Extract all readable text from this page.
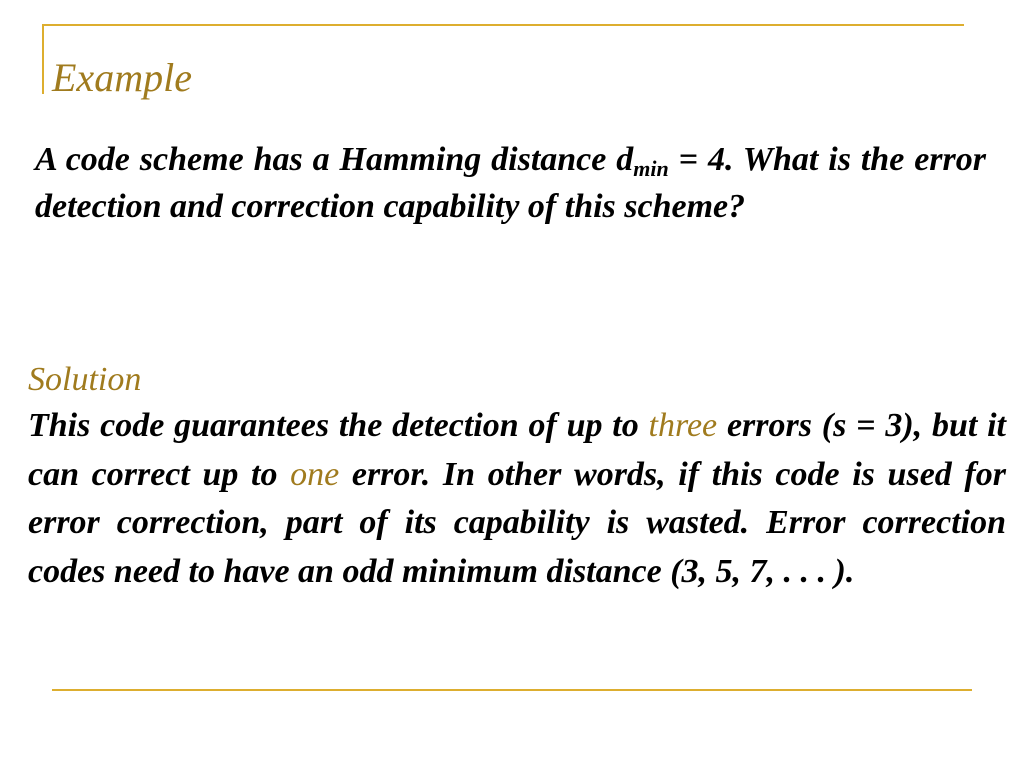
Example

A code scheme has a Hamming distance $d_{min} = 4$. What is the error detection and correction capability of this scheme?

Solution

This code guarantees the detection of up to three errors (s = 3), but it can correct up to one error. In other words, if this code is used for error correction, part of its capability is wasted. Error correction codes need to have an odd minimum distance (3, 5, 7, . . . ).
